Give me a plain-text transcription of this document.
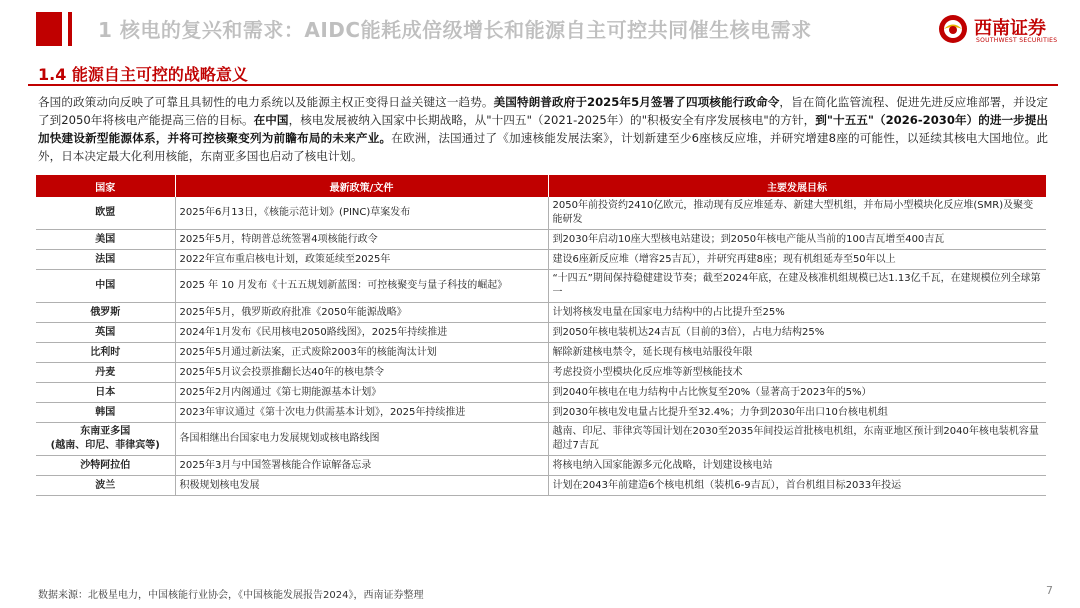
1 核电的复兴和需求：AIDC能耗成倍级增长和能源自主可控共同催生核电需求	西南证券
SOUTHWEST SECURITIES
1.4 能源自主可控的战略意义
各国的政策动向反映了可靠且具韧性的电力系统以及能源主权正变得日益关键这一趋势。美国特朗普政府于2025年5月签署了四项核能行政命令，旨在简化监管流程、促进先进反应堆部署，并设定了到2050年将核电产能提高三倍的目标。在中国，核电发展被纳入国家中长期战略，从"十四五"（2021-2025年）的"积极安全有序发展核电"的方针，到"十五五"（2026-2030年）的进一步提出加快建设新型能源体系，并将可控核聚变列为前瞻布局的未来产业。在欧洲，法国通过了《加速核能发展法案》，计划新建至少6座核反应堆，并研究增建8座的可能性，以延续其核电大国地位。此外，日本决定最大化利用核能，东南亚多国也启动了核电计划。
国家	最新政策/文件	主要发展目标
欧盟	2025年6月13日，《核能示范计划》(PINC)草案发布	2050年前投资约2410亿欧元，推动现有反应堆延寿、新建大型机组，并布局小型模块化反应堆(SMR)及聚变能研发
美国	2025年5月，特朗普总统签署4项核能行政令	到2030年启动10座大型核电站建设；到2050年核电产能从当前的100吉瓦增至400吉瓦
法国	2022年宣布重启核电计划，政策延续至2025年	建设6座新反应堆（增容25吉瓦），并研究再建8座；现有机组延寿至50年以上
中国	2025 年 10 月发布《十五五规划新蓝图：可控核聚变与量子科技的崛起》	“十四五”期间保持稳健建设节奏；截至2024年底，在建及核准机组规模已达1.13亿千瓦，在建规模位列全球第一
俄罗斯	2025年5月，俄罗斯政府批准《2050年能源战略》	计划将核发电量在国家电力结构中的占比提升至25%
英国	2024年1月发布《民用核电2050路线图》，2025年持续推进	到2050年核电装机达24吉瓦（目前的3倍），占电力结构25%
比利时	2025年5月通过新法案，正式废除2003年的核能淘汰计划	解除新建核电禁令，延长现有核电站服役年限
丹麦	2025年5月议会投票推翻长达40年的核电禁令	考虑投资小型模块化反应堆等新型核能技术
日本	2025年2月内阁通过《第七期能源基本计划》	到2040年核电在电力结构中占比恢复至20%（显著高于2023年的5%）
韩国	2023年审议通过《第十次电力供需基本计划》，2025年持续推进	到2030年核电发电量占比提升至32.4%；力争到2030年出口10台核电机组
东南亚多国
(越南、印尼、菲律宾等)	各国相继出台国家电力发展规划或核电路线图	越南、印尼、菲律宾等国计划在2030至2035年间投运首批核电机组，东南亚地区预计到2040年核电装机容量超过7吉瓦
沙特阿拉伯	2025年3月与中国签署核能合作谅解备忘录	将核电纳入国家能源多元化战略，计划建设核电站
波兰	积极规划核电发展	计划在2043年前建造6个核电机组（装机6-9吉瓦），首台机组目标2033年投运
数据来源：北极星电力，中国核能行业协会，《中国核能发展报告2024》，西南证券整理	7
